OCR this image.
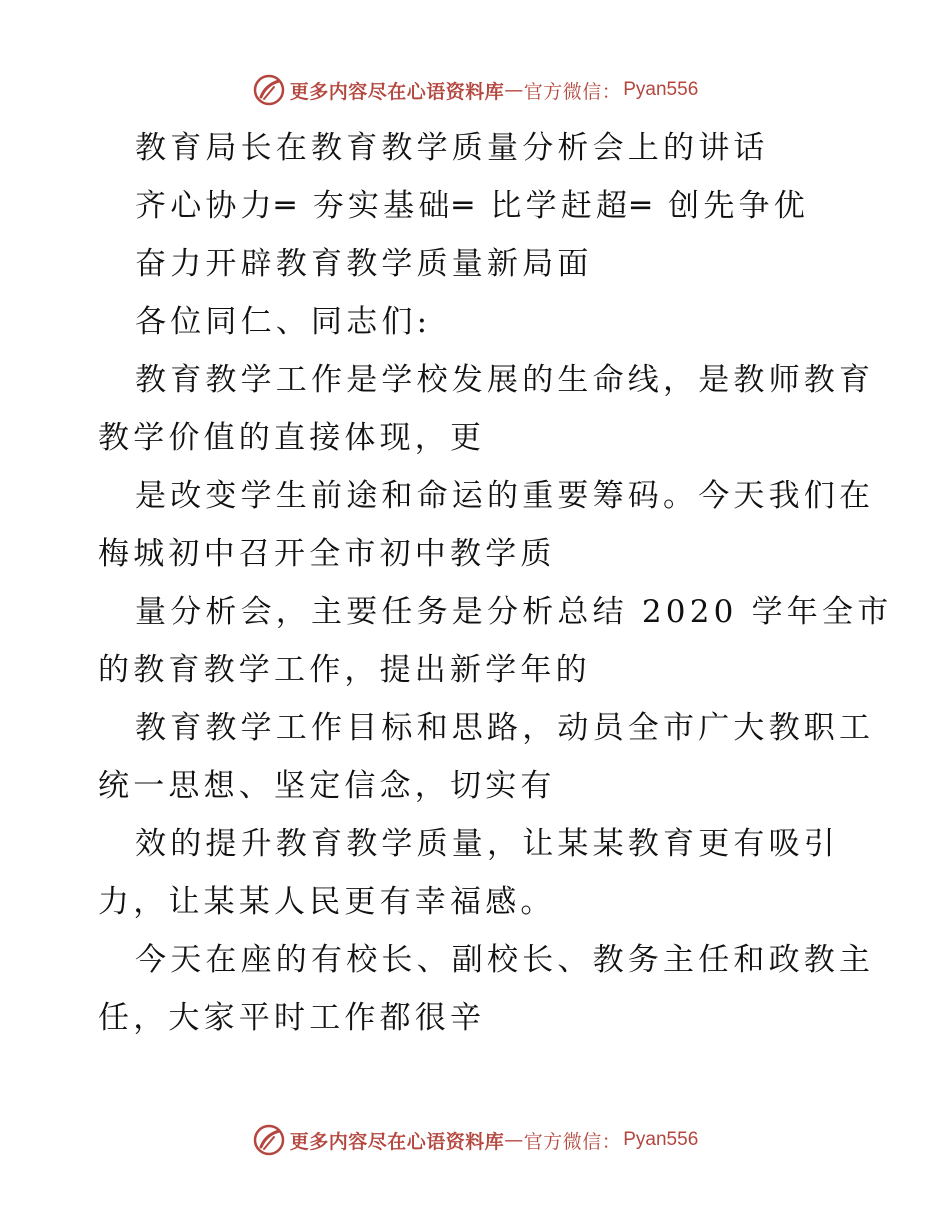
更多内容尽在心语资料库 — 官方微信： Pyan556
教育局长在教育教学质量分析会上的讲话
齐心协力═ 夯实基础═ 比学赶超═ 创先争优
奋力开辟教育教学质量新局面
各位同仁、同志们:
教育教学工作是学校发展的生命线，是教师教育
教学价值的直接体现，更
是改变学生前途和命运的重要筹码。今天我们在
梅城初中召开全市初中教学质
量分析会，主要任务是分析总结 2020 学年全市
的教育教学工作，提出新学年的
教育教学工作目标和思路，动员全市广大教职工
统一思想、坚定信念，切实有
效的提升教育教学质量，让某某教育更有吸引
力，让某某人民更有幸福感。
今天在座的有校长、副校长、教务主任和政教主
任，大家平时工作都很辛
更多内容尽在心语资料库 — 官方微信： Pyan556
